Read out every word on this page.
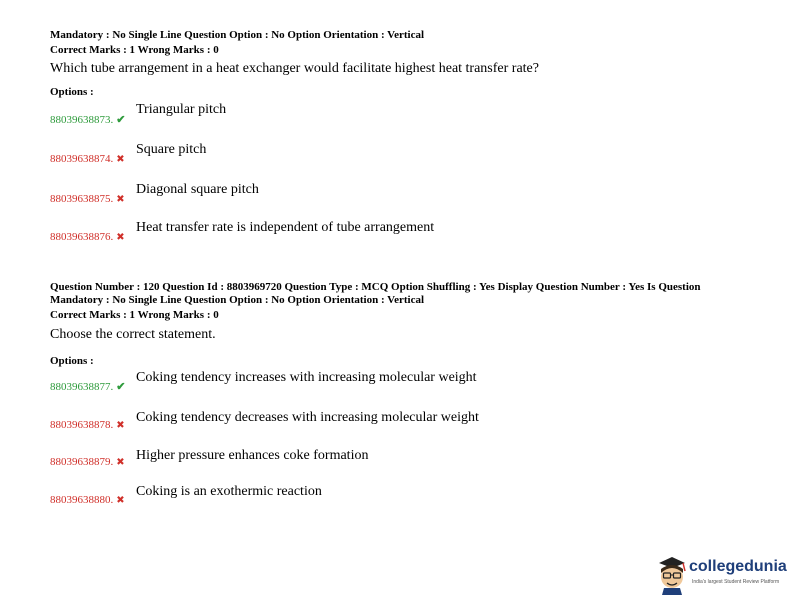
Mandatory : No Single Line Question Option : No Option Orientation : Vertical
Correct Marks : 1 Wrong Marks : 0
Which tube arrangement in a heat exchanger would facilitate highest heat transfer rate?
Options :
88039638873. ✔
Triangular pitch
88039638874. ✖
Square pitch
88039638875. ✖
Diagonal square pitch
88039638876. ✖
Heat transfer rate is independent of tube arrangement
Question Number : 120 Question Id : 8803969720 Question Type : MCQ Option Shuffling : Yes Display Question Number : Yes Is Question
Mandatory : No Single Line Question Option : No Option Orientation : Vertical
Correct Marks : 1 Wrong Marks : 0
Choose the correct statement.
Options :
88039638877. ✔
Coking tendency increases with increasing molecular weight
88039638878. ✖
Coking tendency decreases with increasing molecular weight
88039638879. ✖ Higher pressure enhances coke formation
88039638880. ✖
Coking is an exothermic reaction
collegedunia
India's largest Student Review Platform
